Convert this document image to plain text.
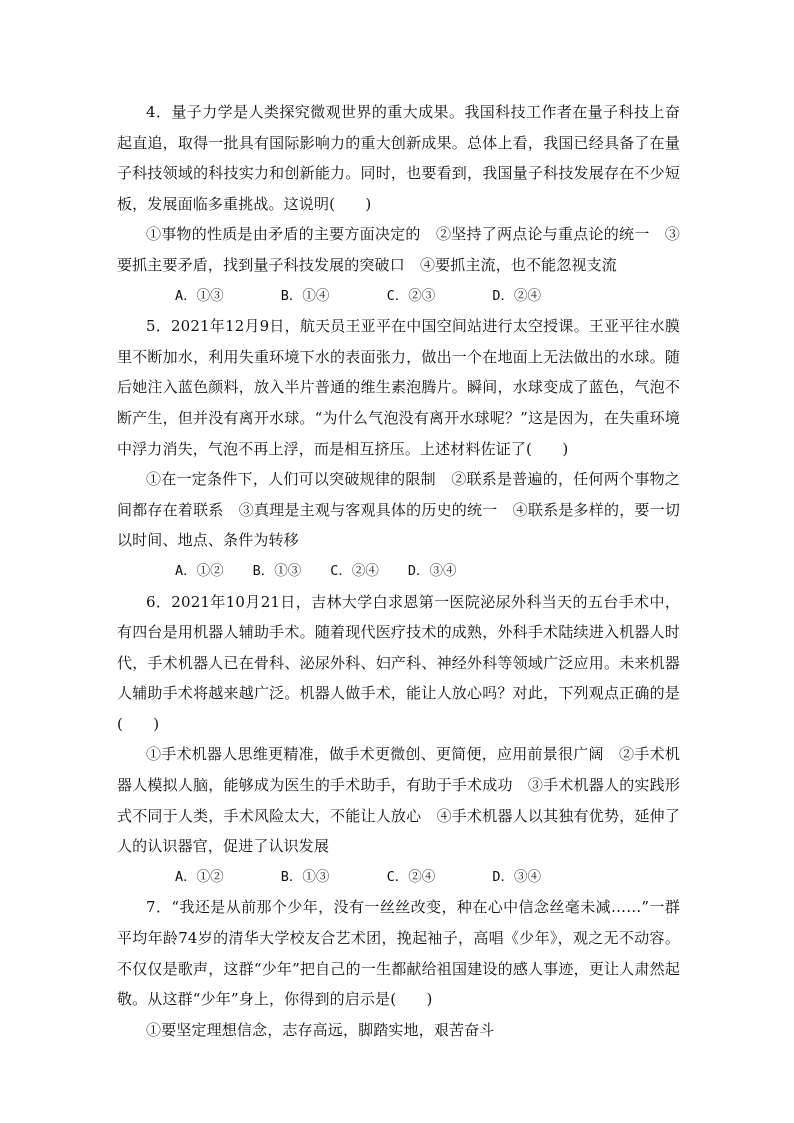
4．量子力学是人类探究微观世界的重大成果。我国科技工作者在量子科技上奋起直追，取得一批具有国际影响力的重大创新成果。总体上看，我国已经具备了在量子科技领域的科技实力和创新能力。同时，也要看到，我国量子科技发展存在不少短板，发展面临多重挑战。这说明(　　)

①事物的性质是由矛盾的主要方面决定的　②坚持了两点论与重点论的统一　③要抓主要矛盾，找到量子科技发展的突破口　④要抓主流，也不能忽视支流

A．①③	B．①④	C．②③	D．②④

5．2021年12月9日，航天员王亚平在中国空间站进行太空授课。王亚平往水膜里不断加水，利用失重环境下水的表面张力，做出一个在地面上无法做出的水球。随后她注入蓝色颜料，放入半片普通的维生素泡腾片。瞬间，水球变成了蓝色，气泡不断产生，但并没有离开水球。“为什么气泡没有离开水球呢？”这是因为，在失重环境中浮力消失，气泡不再上浮，而是相互挤压。上述材料佐证了(　　)

①在一定条件下，人们可以突破规律的限制　②联系是普遍的，任何两个事物之间都存在着联系　③真理是主观与客观具体的历史的统一　④联系是多样的，要一切以时间、地点、条件为转移

A．①② B．①③ C．②④ D．③④

6．2021年10月21日，吉林大学白求恩第一医院泌尿外科当天的五台手术中，有四台是用机器人辅助手术。随着现代医疗技术的成熟，外科手术陆续进入机器人时代，手术机器人已在骨科、泌尿外科、妇产科、神经外科等领域广泛应用。未来机器人辅助手术将越来越广泛。机器人做手术，能让人放心吗？对此，下列观点正确的是(　　)

①手术机器人思维更精准，做手术更微创、更简便，应用前景很广阔　②手术机器人模拟人脑，能够成为医生的手术助手，有助于手术成功　③手术机器人的实践形式不同于人类，手术风险太大，不能让人放心　④手术机器人以其独有优势，延伸了人的认识器官，促进了认识发展

A．①②	B．①③	C．②④	D．③④

7．“我还是从前那个少年，没有一丝丝改变，种在心中信念丝毫未减……”一群平均年龄74岁的清华大学校友合艺术团，挽起袖子，高唱《少年》，观之无不动容。不仅仅是歌声，这群“少年”把自己的一生都献给祖国建设的感人事迹，更让人肃然起敬。从这群“少年”身上，你得到的启示是(　　)

①要坚定理想信念，志存高远，脚踏实地，艰苦奋斗
